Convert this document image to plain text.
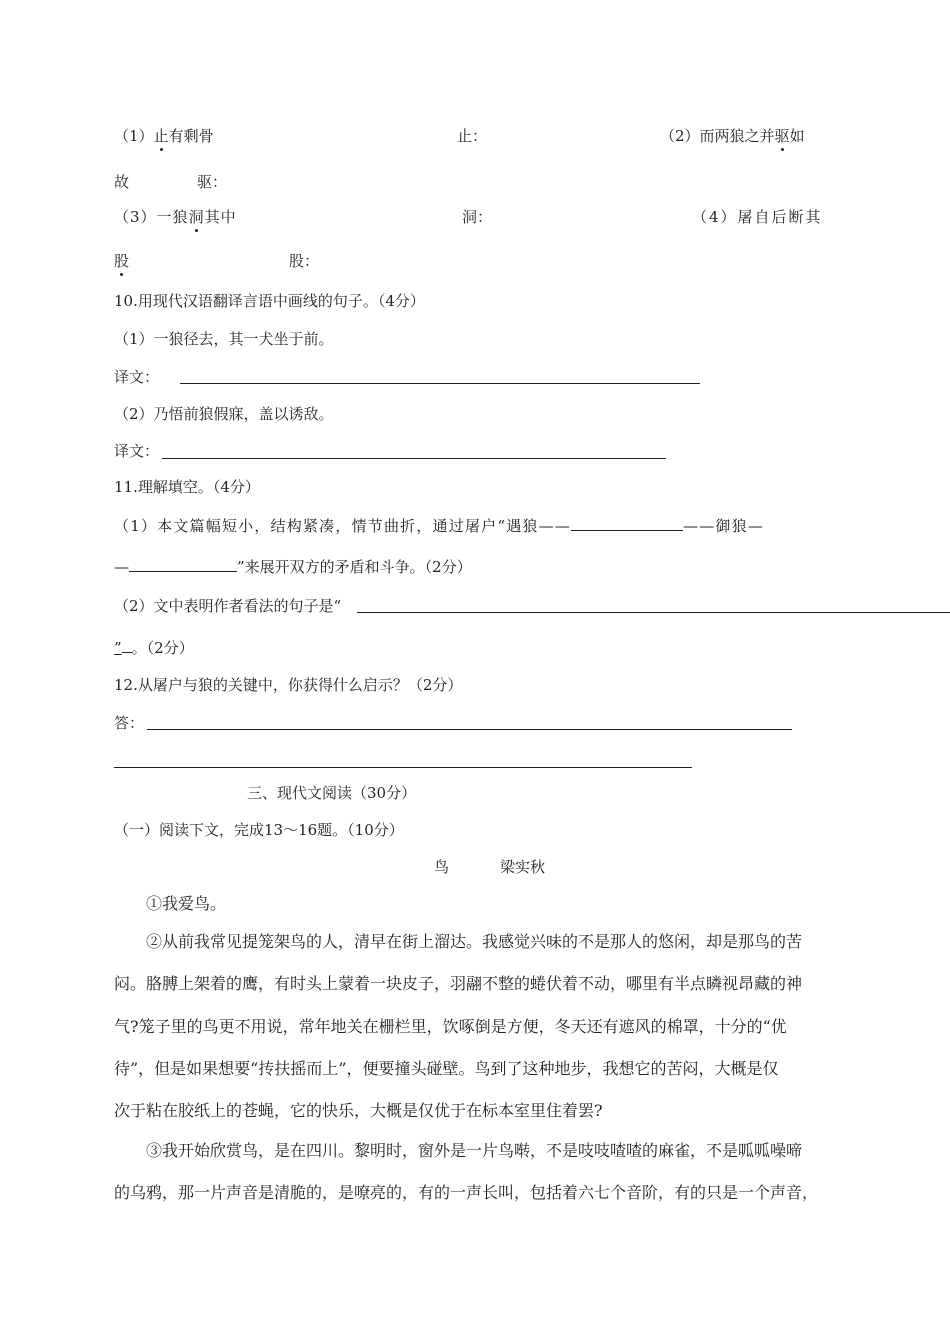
（1）止有剩骨	止：	（2）而两狼之并驱如
故	驱：
（3）一狼洞其中	洞：	（4）屠自后断其
股	股：
10.用现代汉语翻译言语中画线的句子。（4分）
（1）一狼径去，其一犬坐于前。
译文：
（2）乃悟前狼假寐，盖以诱敌。
译文：
11.理解填空。（4分）
（1）本文篇幅短小，结构紧凑，情节曲折，通过屠户“遇狼——	——御狼—
—	”来展开双方的矛盾和斗争。（2分）
（2）文中表明作者看法的句子是“
” 。（2分）
12.从屠户与狼的关键中，你获得什么启示？（2分）
答：
三、现代文阅读（30分）
（一）阅读下文，完成13～16题。（10分）
鸟	梁实秋
①我爱鸟。
②从前我常见提笼架鸟的人，清早在街上溜达。我感觉兴味的不是那人的悠闲，却是那鸟的苦
闷。胳膊上架着的鹰，有时头上蒙着一块皮子，羽翮不整的蜷伏着不动，哪里有半点瞵视昂藏的神
气?笼子里的鸟更不用说，常年地关在栅栏里，饮啄倒是方便，冬天还有遮风的棉罩，十分的“优
待”，但是如果想要“抟扶摇而上”，便要撞头碰壁。鸟到了这种地步，我想它的苦闷，大概是仅
次于粘在胶纸上的苍蝇，它的快乐，大概是仅优于在标本室里住着罢?
③我开始欣赏鸟，是在四川。黎明时，窗外是一片鸟啭，不是吱吱喳喳的麻雀，不是呱呱噪啼
的乌鸦，那一片声音是清脆的，是嘹亮的，有的一声长叫，包括着六七个音阶，有的只是一个声音，
